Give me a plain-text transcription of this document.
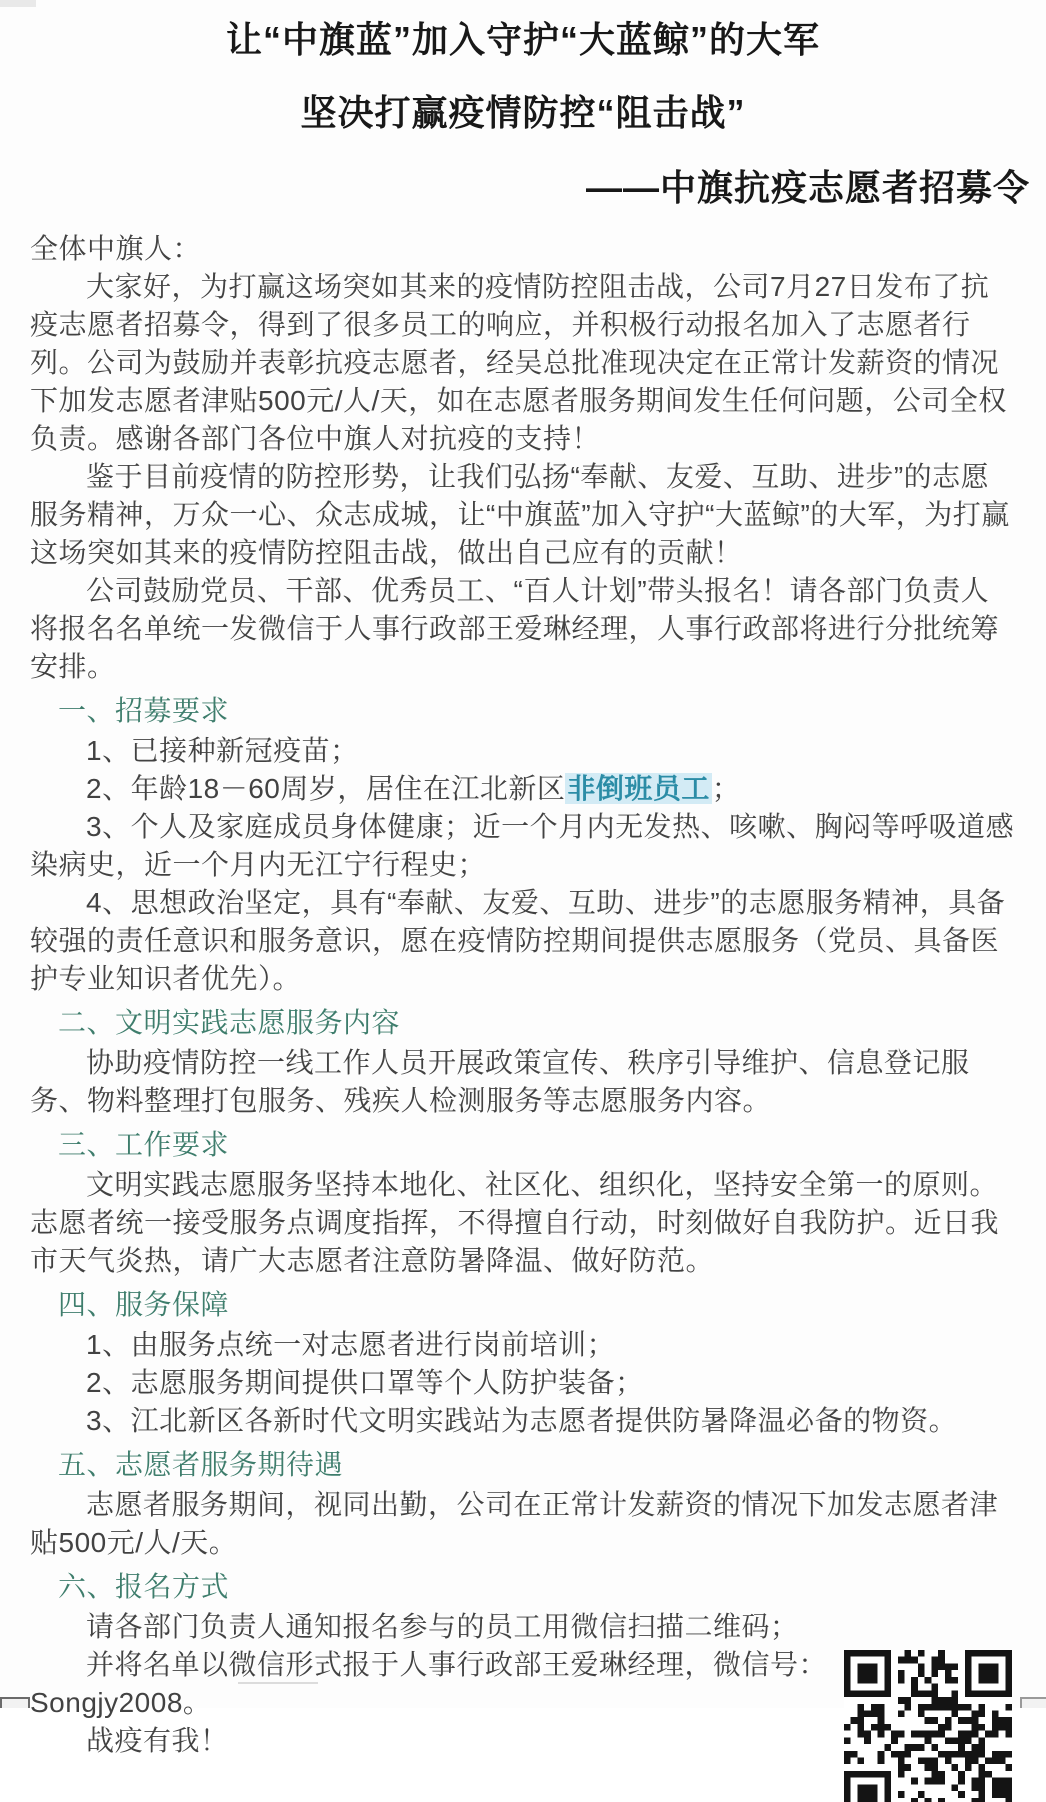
让“中旗蓝”加入守护“大蓝鲸”的大军
坚决打赢疫情防控“阻击战”
——中旗抗疫志愿者招募令

全体中旗人：

大家好，为打赢这场突如其来的疫情防控阻击战，公司7月27日发布了抗疫志愿者招募令，得到了很多员工的响应，并积极行动报名加入了志愿者行列。公司为鼓励并表彰抗疫志愿者，经吴总批准现决定在正常计发薪资的情况下加发志愿者津贴500元/人/天，如在志愿者服务期间发生任何问题，公司全权负责。感谢各部门各位中旗人对抗疫的支持！

鉴于目前疫情的防控形势，让我们弘扬“奉献、友爱、互助、进步”的志愿服务精神，万众一心、众志成城，让“中旗蓝”加入守护“大蓝鲸”的大军，为打赢这场突如其来的疫情防控阻击战，做出自己应有的贡献！

公司鼓励党员、干部、优秀员工、“百人计划”带头报名！请各部门负责人将报名名单统一发微信于人事行政部王爱琳经理，人事行政部将进行分批统筹安排。

一、招募要求

1、已接种新冠疫苗；

2、年龄18－60周岁，居住在江北新区非倒班员工；

3、个人及家庭成员身体健康；近一个月内无发热、咳嗽、胸闷等呼吸道感染病史，近一个月内无江宁行程史；

4、思想政治坚定，具有“奉献、友爱、互助、进步”的志愿服务精神，具备较强的责任意识和服务意识，愿在疫情防控期间提供志愿服务（党员、具备医护专业知识者优先）。

二、文明实践志愿服务内容

协助疫情防控一线工作人员开展政策宣传、秩序引导维护、信息登记服务、物料整理打包服务、残疾人检测服务等志愿服务内容。

三、工作要求

文明实践志愿服务坚持本地化、社区化、组织化，坚持安全第一的原则。志愿者统一接受服务点调度指挥，不得擅自行动，时刻做好自我防护。近日我市天气炎热，请广大志愿者注意防暑降温、做好防范。

四、服务保障

1、由服务点统一对志愿者进行岗前培训；

2、志愿服务期间提供口罩等个人防护装备；

3、江北新区各新时代文明实践站为志愿者提供防暑降温必备的物资。

五、志愿者服务期待遇

志愿者服务期间，视同出勤，公司在正常计发薪资的情况下加发志愿者津贴500元/人/天。

六、报名方式

请各部门负责人通知报名参与的员工用微信扫描二维码；

并将名单以微信形式报于人事行政部王爱琳经理，微信号：Songjy2008。

战疫有我！
